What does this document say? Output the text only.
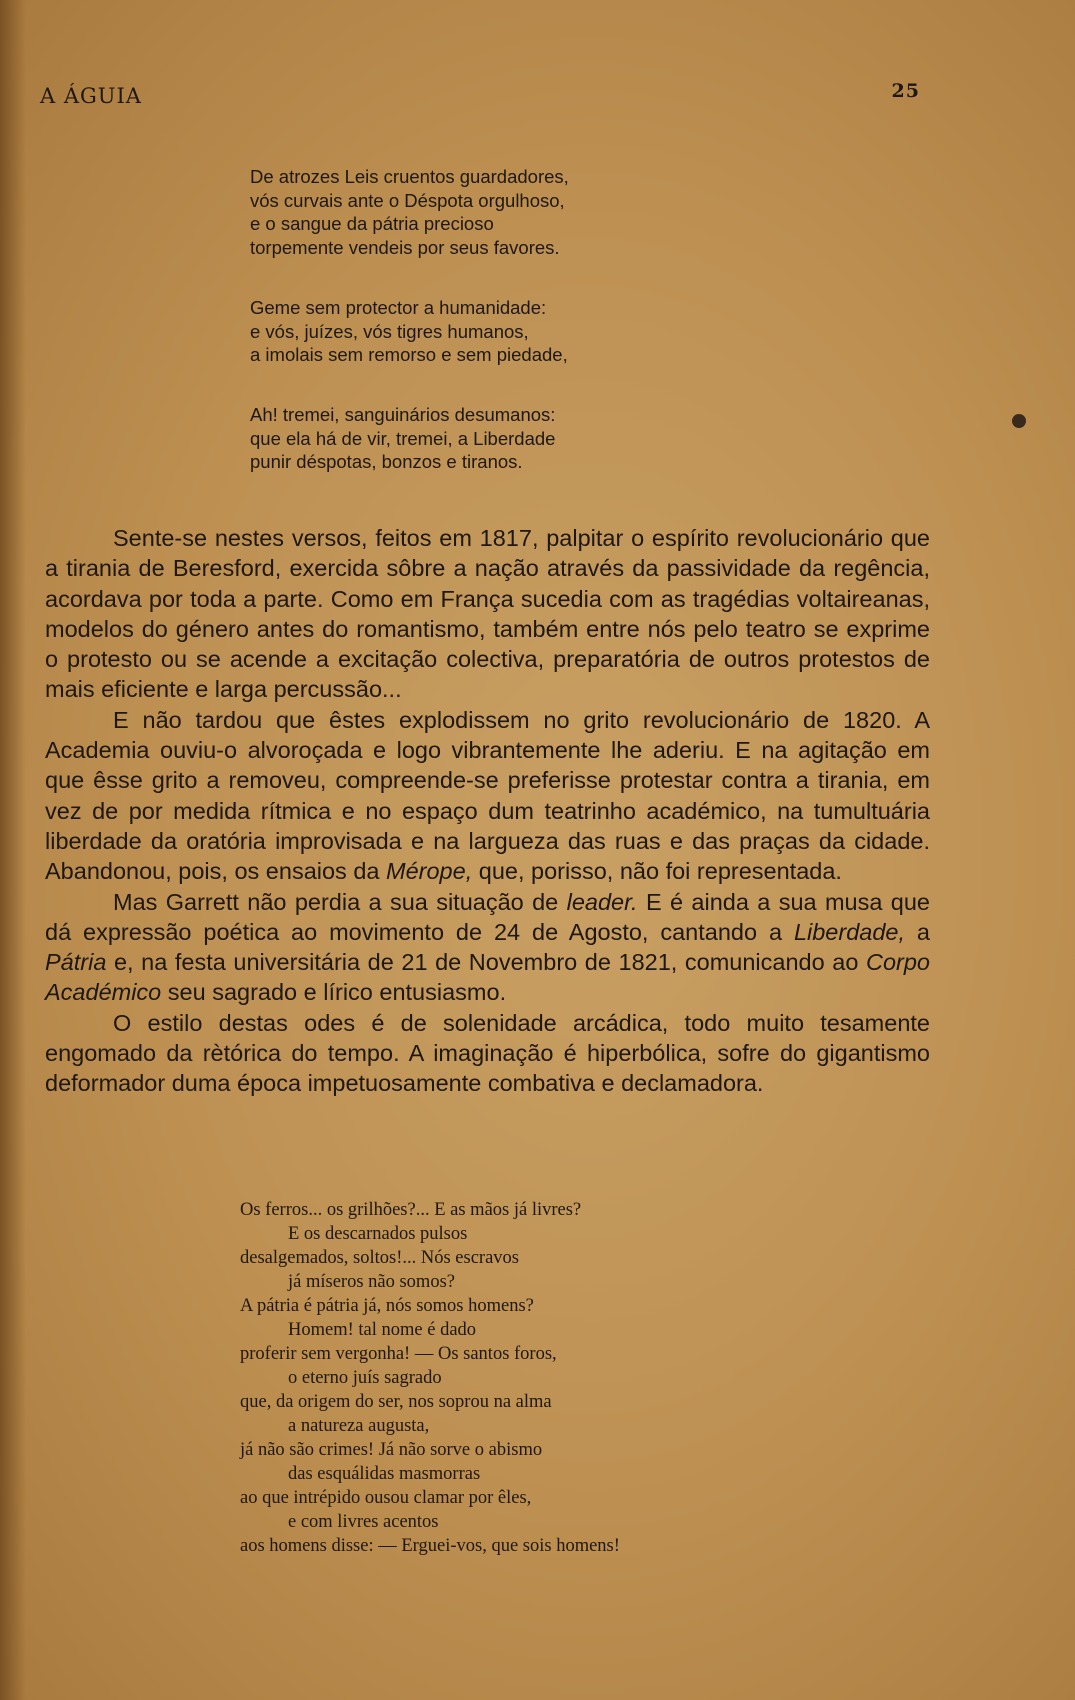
A ÁGUIA	25
De atrozes Leis cruentos guardadores,
vós curvais ante o Déspota orgulhoso,
e o sangue da pátria precioso
torpemente vendeis por seus favores.
Geme sem protector a humanidade:
e vós, juízes, vós tigres humanos,
a imolais sem remorso e sem piedade,
Ah! tremei, sanguinários desumanos:
que ela há de vir, tremei, a Liberdade
punir déspotas, bonzos e tiranos.

Sente-se nestes versos, feitos em 1817, palpitar o espírito revolucionário que a tirania de Beresford, exercida sôbre a nação através da passividade da regência, acordava por toda a parte. Como em França sucedia com as tragédias voltaireanas, modelos do género antes do romantismo, também entre nós pelo teatro se exprime o protesto ou se acende a excitação colectiva, preparatória de outros protestos de mais eficiente e larga percussão...

E não tardou que êstes explodissem no grito revolucionário de 1820. A Academia ouviu-o alvoroçada e logo vibrantemente lhe aderiu. E na agitação em que êsse grito a removeu, compreende-se preferisse protestar contra a tirania, em vez de por medida rítmica e no espaço dum teatrinho académico, na tumultuária liberdade da oratória improvisada e na largueza das ruas e das praças da cidade. Abandonou, pois, os ensaios da Mérope, que, porisso, não foi representada.

Mas Garrett não perdia a sua situação de leader. E é ainda a sua musa que dá expressão poética ao movimento de 24 de Agosto, cantando a Liberdade, a Pátria e, na festa universitária de 21 de Novembro de 1821, comunicando ao Corpo Académico seu sagrado e lírico entusiasmo.

O estilo destas odes é de solenidade arcádica, todo muito tesamente engomado da rètórica do tempo. A imaginação é hiperbólica, sofre do gigantismo deformador duma época impetuosamente combativa e declamadora.

Os ferros... os grilhões?... E as mãos já livres?
E os descarnados pulsos
desalgemados, soltos!... Nós escravos
já míseros não somos?
A pátria é pátria já, nós somos homens?
Homem! tal nome é dado
proferir sem vergonha! — Os santos foros,
o eterno juís sagrado
que, da origem do ser, nos soprou na alma
a natureza augusta,
já não são crimes! Já não sorve o abismo
das esquálidas masmorras
ao que intrépido ousou clamar por êles,
e com livres acentos
aos homens disse: — Erguei-vos, que sois homens!
